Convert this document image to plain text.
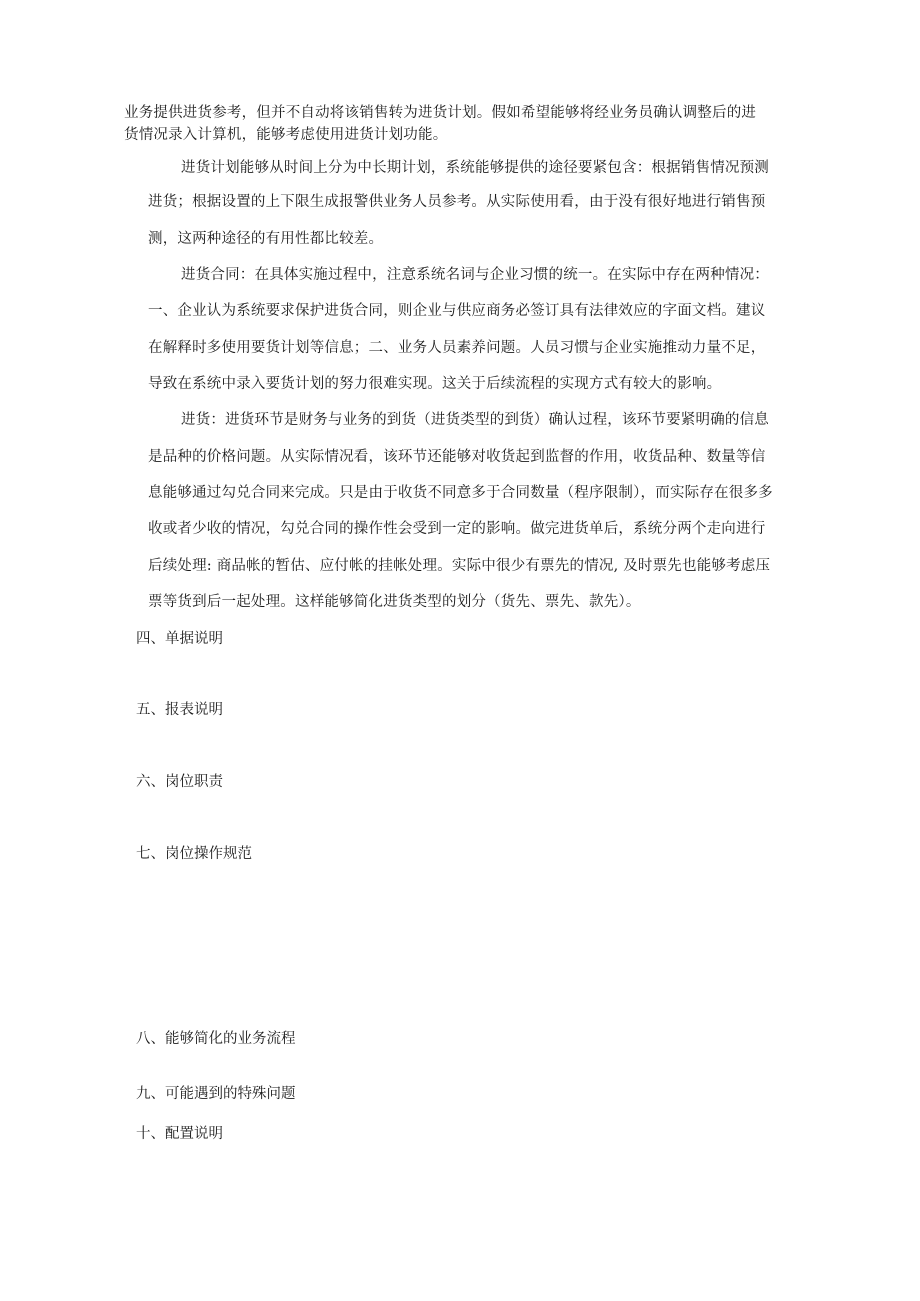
业务提供进货参考，但并不自动将该销售转为进货计划。假如希望能够将经业务员确认调整后的进
货情况录入计算机，能够考虑使用进货计划功能。
进货计划能够从时间上分为中长期计划，系统能够提供的途径要紧包含：根据销售情况预测
进货；根据设置的上下限生成报警供业务人员参考。从实际使用看，由于没有很好地进行销售预
测，这两种途径的有用性都比较差。
进货合同：在具体实施过程中，注意系统名词与企业习惯的统一。在实际中存在两种情况：
一、企业认为系统要求保护进货合同，则企业与供应商务必签订具有法律效应的字面文档。建议
在解释时多使用要货计划等信息；二、业务人员素养问题。人员习惯与企业实施推动力量不足，
导致在系统中录入要货计划的努力很难实现。这关于后续流程的实现方式有较大的影响。
进货：进货环节是财务与业务的到货（进货类型的到货）确认过程，该环节要紧明确的信息
是品种的价格问题。从实际情况看，该环节还能够对收货起到监督的作用，收货品种、数量等信
息能够通过勾兑合同来完成。只是由于收货不同意多于合同数量（程序限制），而实际存在很多多
收或者少收的情况，勾兑合同的操作性会受到一定的影响。做完进货单后，系统分两个走向进行
后续处理: 商品帐的暂估、应付帐的挂帐处理。实际中很少有票先的情况, 及时票先也能够考虑压
票等货到后一起处理。这样能够简化进货类型的划分（货先、票先、款先）。
四、单据说明
五、报表说明
六、岗位职责
七、岗位操作规范
八、能够简化的业务流程
九、可能遇到的特殊问题
十、配置说明
